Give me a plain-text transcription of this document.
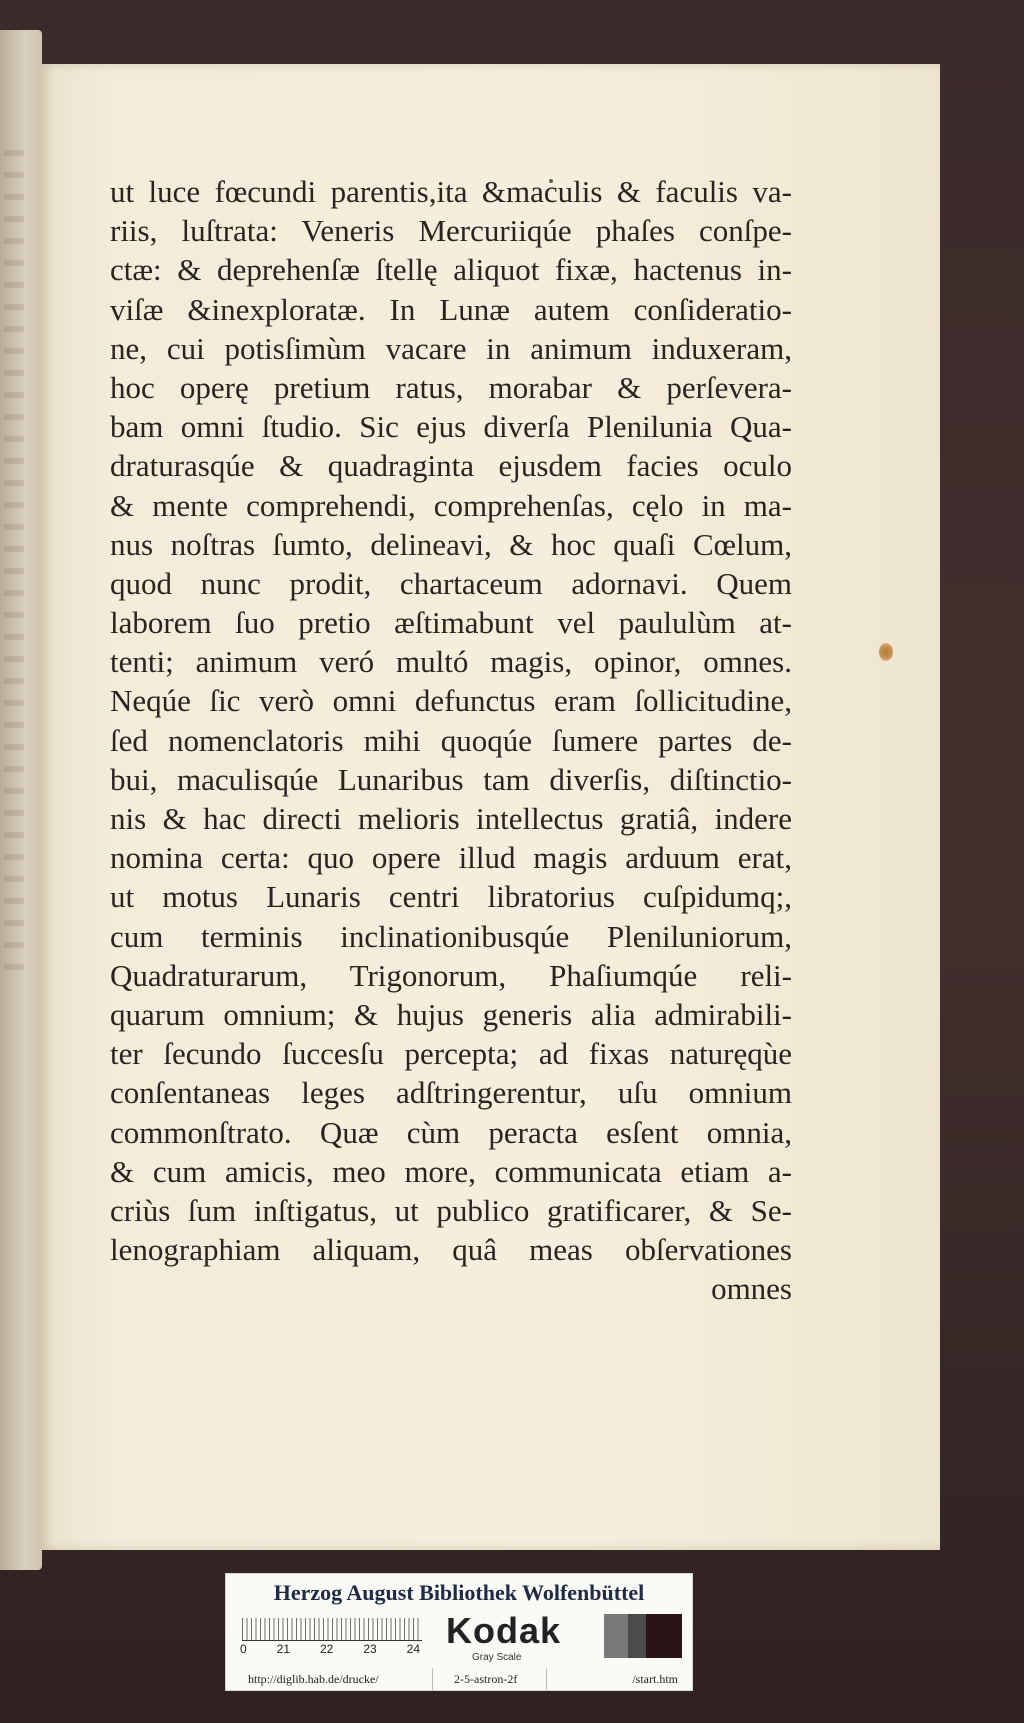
ut luce fœcundi parentis,ita &maculis & faculis va-
riis, luſtrata: Veneris Mercuriiqúe phaſes conſpe-
ctæ: & deprehenſæ ſtellę aliquot fixæ, hactenus in-
viſæ &inexploratæ. In Lunæ autem conſideratio-
ne, cui potisſimùm vacare in animum induxeram,
hoc operę pretium ratus, morabar & perſevera-
bam omni ſtudio. Sic ejus diverſa Plenilunia Qua-
draturasqúe & quadraginta ejusdem facies oculo
& mente comprehendi, comprehenſas, cęlo in ma-
nus noſtras ſumto, delineavi, & hoc quaſi Cœlum,
quod nunc prodit, chartaceum adornavi. Quem
laborem ſuo pretio æſtimabunt vel paululùm at-
tenti; animum veró multó magis, opinor, omnes.
Neqúe ſic verò omni defunctus eram ſollicitudine,
ſed nomenclatoris mihi quoqúe ſumere partes de-
bui, maculisqúe Lunaribus tam diverſis, diſtinctio-
nis & hac directi melioris intellectus gratiâ, indere
nomina certa: quo opere illud magis arduum erat,
ut motus Lunaris centri libratorius cuſpidumq;,
cum terminis inclinationibusqúe Pleniluniorum,
Quadraturarum, Trigonorum, Phaſiumqúe reli-
quarum omnium; & hujus generis alia admirabili-
ter ſecundo ſuccesſu percepta; ad fixas naturęqùe
conſentaneas leges adſtringerentur, uſu omnium
commonſtrato. Quæ cùm peracta esſent omnia,
& cum amicis, meo more, communicata etiam a-
criùs ſum inſtigatus, ut publico gratificarer, & Se-
lenographiam aliquam, quâ meas obſervationes
omnes
Herzog August Bibliothek Wolfenbüttel
0 21 22 23 24 Kodak
Gray Scale
http://diglib.hab.de/drucke/	2-5-astron-2f	/start.htm
